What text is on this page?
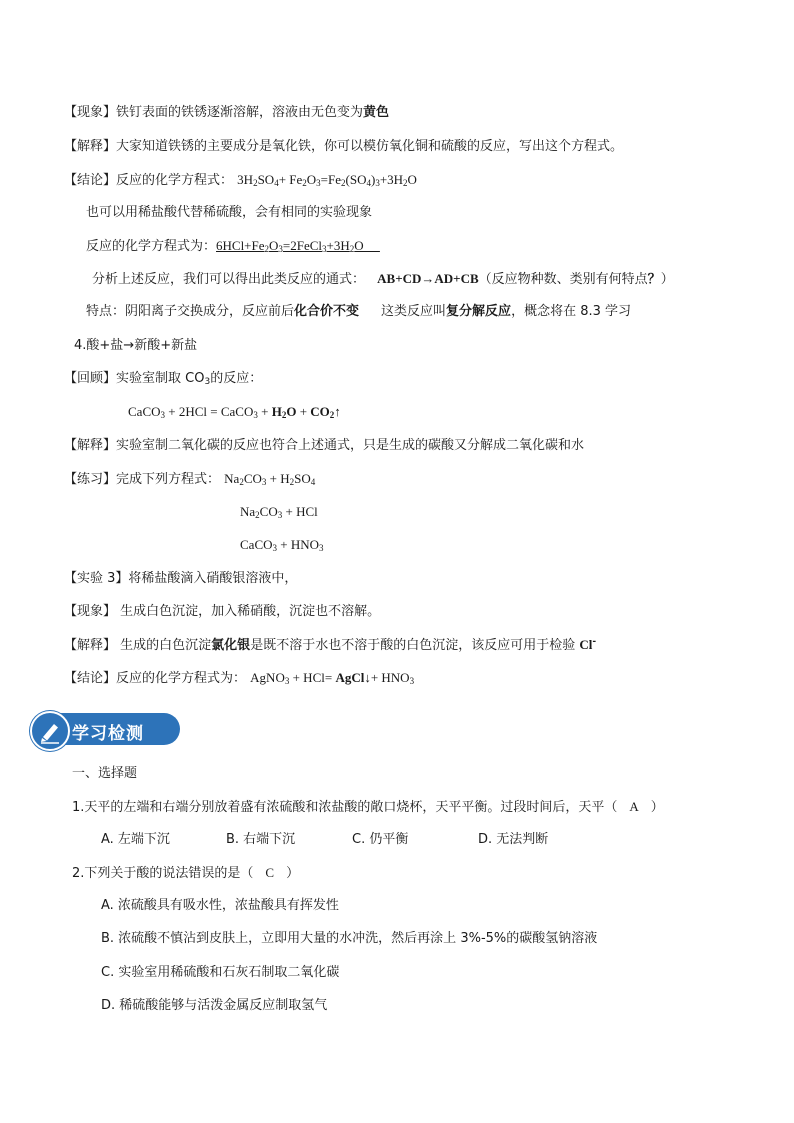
【现象】铁钉表面的铁锈逐渐溶解，溶液由无色变为黄色
【解释】大家知道铁锈的主要成分是氧化铁，你可以模仿氧化铜和硫酸的反应，写出这个方程式。
【结论】反应的化学方程式： $3H_2SO_4+ Fe_2O_3=Fe_2(SO_4)_3+3H_2O$
也可以用稀盐酸代替稀硫酸，会有相同的实验现象
反应的化学方程式为：$6HCl+Fe_2O_3=2FeCl_3+3H_2O$
分析上述反应，我们可以得出此类反应的通式： AB+CD→AD+CB（反应物种数、类别有何特点？）
特点：阴阳离子交换成分，反应前后化合价不变 这类反应叫复分解反应，概念将在 8.3 学习
4.酸+盐→新酸+新盐
【回顾】实验室制取 $CO_3$的反应：
CaCO$_3$ + 2HCl = CaCO$_3$ + $H_2O$ + $CO_2↑$
【解释】实验室制二氧化碳的反应也符合上述通式，只是生成的碳酸又分解成二氧化碳和水
【练习】完成下列方程式： $Na_2CO_3 + H_2SO_4$
$Na_2CO_3$ + HCl
CaCO$_3$ + $HNO_3$
【实验 3】将稀盐酸滴入硝酸银溶液中，
【现象】 生成白色沉淀，加入稀硝酸，沉淀也不溶解。
【解释】 生成的白色沉淀氯化银是既不溶于水也不溶于酸的白色沉淀，该反应可用于检验 Cl-
【结论】反应的化学方程式为： AgNO$_3$ + HCl= AgCl↓+ $HNO_3$
学习检测
一、选择题
1.天平的左端和右端分别放着盛有浓硫酸和浓盐酸的敞口烧杯，天平平衡。过段时间后，天平（ A ）
A. 左端下沉	B. 右端下沉	C. 仍平衡	D. 无法判断
2.下列关于酸的说法错误的是（ C ）
A. 浓硫酸具有吸水性，浓盐酸具有挥发性
B. 浓硫酸不慎沾到皮肤上，立即用大量的水冲洗，然后再涂上 3%-5%的碳酸氢钠溶液
C. 实验室用稀硫酸和石灰石制取二氧化碳
D. 稀硫酸能够与活泼金属反应制取氢气
